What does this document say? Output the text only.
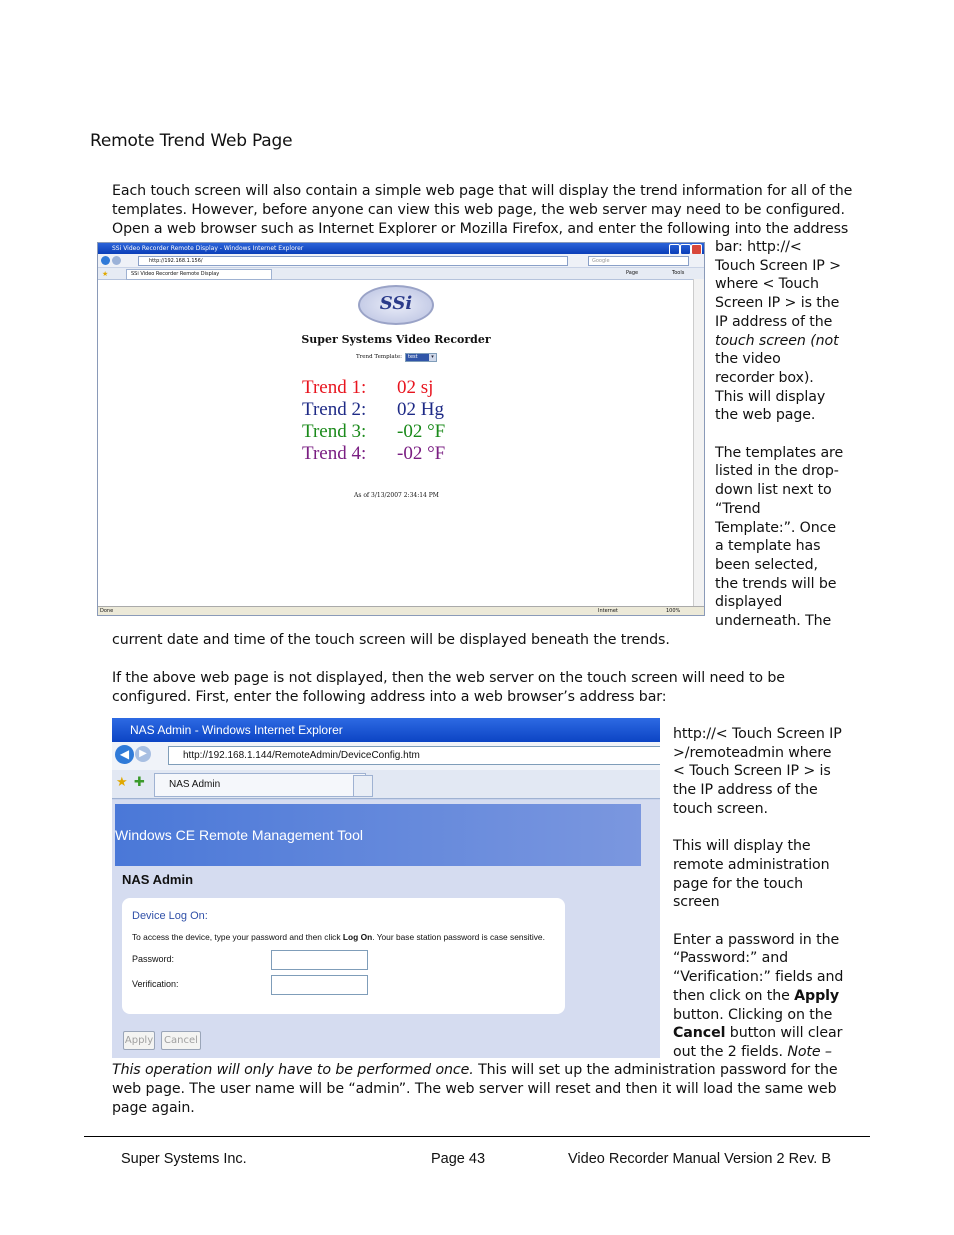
Remote Trend Web Page
Each touch screen will also contain a simple web page that will display the trend information for all of the
templates. However, before anyone can view this web page, the web server may need to be configured.
Open a web browser such as Internet Explorer or Mozilla Firefox, and enter the following into the address
bar: http://<
Touch Screen IP >
where < Touch
Screen IP > is the
IP address of the
touch screen (not
the video
recorder box).
This will display
the web page.
The templates are
listed in the drop-
down list next to
“Trend
Template:”. Once
a template has
been selected,
the trends will be
displayed
underneath. The
SSi Video Recorder Remote Display - Windows Internet Explorer
http://192.168.1.156/	Google
★	SSi Video Recorder Remote Display	Page	Tools
SSi
Super Systems Video Recorder
Trend Template:	test	▾
Trend 1: 02 sj
Trend 2: 02 Hg
Trend 3: -02 °F
Trend 4: -02 °F
As of 3/13/2007 2:34:14 PM
Done	Internet	100%
current date and time of the touch screen will be displayed beneath the trends.
If the above web page is not displayed, then the web server on the touch screen will need to be
configured. First, enter the following address into a web browser’s address bar:
NAS Admin - Windows Internet Explorer
◀	▶	http://192.168.1.144/RemoteAdmin/DeviceConfig.htm
★ ✚	NAS Admin
Windows CE Remote Management Tool
NAS Admin
Device Log On:
To access the device, type your password and then click Log On. Your base station password is case sensitive.
Password:
Verification:
Apply	Cancel
http://< Touch Screen IP
>/remoteadmin where
< Touch Screen IP > is
the IP address of the
touch screen.
This will display the
remote administration
page for the touch
screen
Enter a password in the
“Password:” and
“Verification:” fields and
then click on the Apply
button. Clicking on the
Cancel button will clear
out the 2 fields. Note –
This operation will only have to be performed once. This will set up the administration password for the
web page. The user name will be “admin”. The web server will reset and then it will load the same web
page again.
Super Systems Inc.	Page 43	Video Recorder Manual Version 2 Rev. B
